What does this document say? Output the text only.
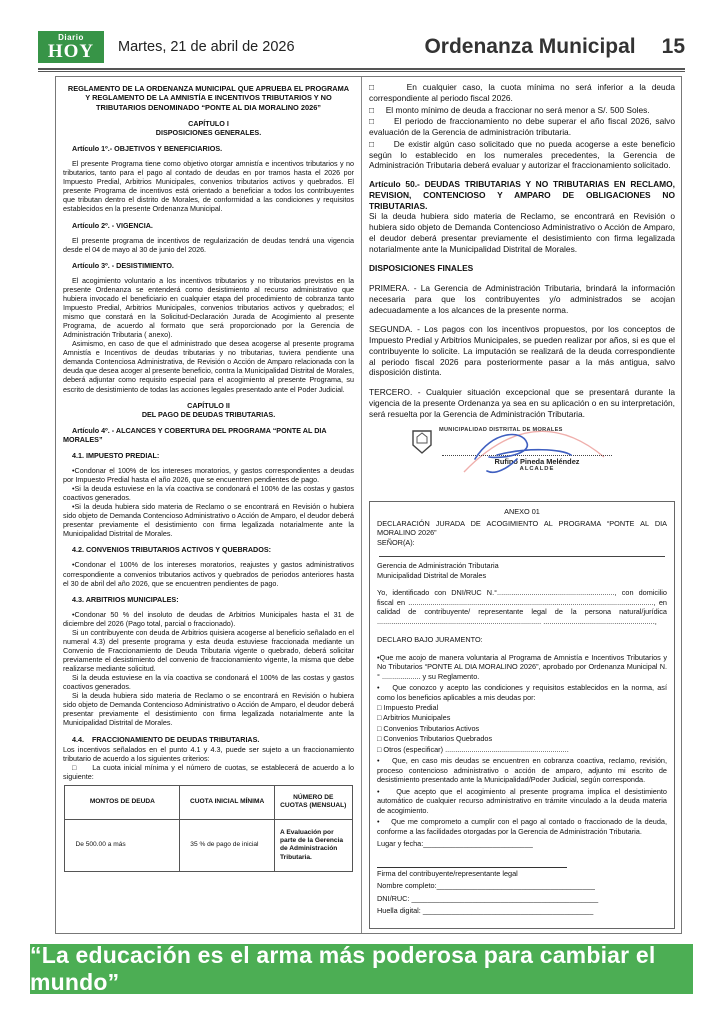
Diario
HOY	Martes, 21 de abril de 2026	Ordenanza Municipal 15
REGLAMENTO DE LA ORDENANZA MUNICIPAL QUE APRUEBA EL PROGRAMA Y REGLAMENTO DE LA AMNISTÍA E INCENTIVOS TRIBUTARIOS Y NO TRIBUTARIOS DENOMINADO “PONTE AL DIA MORALINO 2026”
CAPÍTULO I
DISPOSICIONES GENERALES.
Artículo 1º.- OBJETIVOS Y BENEFICIARIOS.

El presente Programa tiene como objetivo otorgar amnistía e incentivos tributarios y no tributarios, tanto para el pago al contado de deudas en por tramos hasta el 2026 por Impuesto Predial, Arbitrios Municipales, convenios tributarios activos y quebrados. El presente Programa de incentivos está orientado a beneficiar a todos los contribuyentes que tributan dentro el distrito de Morales, de conformidad a las condiciones y requisitos establecidos en la presente Ordenanza Municipal.

Artículo 2º. - VIGENCIA.

El presente programa de incentivos de regularización de deudas tendrá una vigencia desde el 04 de mayo al 30 de junio del 2026.

Artículo 3º. - DESISTIMIENTO.

El acogimiento voluntario a los incentivos tributarios y no tributarios previstos en la presente Ordenanza se entenderá como desistimiento al recurso administrativo que hubiera invocado el beneficiario en cualquier etapa del procedimiento de cobranza tanto Impuesto Predial, Arbitrios Municipales, convenios tributarios activos y quebrados; el mismo que constará en la Solicitud-Declaración Jurada de Acogimiento al presente Programa, de acuerdo al formato que será proporcionado por la Gerencia de Administración Tributaria ( anexo).

Asimismo, en caso de que el administrado que desea acogerse al presente programa Amnistía e Incentivos de deudas tributarias y no tributarias, tuviera pendiente una demanda Contenciosa Administrativa, de Revisión o Acción de Amparo relacionada con la deuda que desea acoger al presente beneficio, contra la Municipalidad Distrital de Morales, deberá adjuntar como requisito especial para el acogimiento al presente Programa, su escrito de desistimiento de todas las acciones legales presentado ante el Poder Judicial.

CAPÍTULO II
DEL PAGO DE DEUDAS TRIBUTARIAS.
Artículo 4º. - ALCANCES Y COBERTURA DEL PROGRAMA “PONTE AL DIA MORALES”
4.1. IMPUESTO PREDIAL:

•Condonar el 100% de los intereses moratorios, y gastos correspondientes a deudas por Impuesto Predial hasta el año 2026, que se encuentren pendientes de pago.

•Si la deuda estuviese en la vía coactiva se condonará el 100% de las costas y gastos coactivos generados.

•Si la deuda hubiera sido materia de Reclamo o se encontrará en Revisión o hubiera sido objeto de Demanda Contencioso Administrativo o Acción de Amparo, el deudor deberá presentar previamente el desistimiento con firma legalizada notarialmente ante la Municipalidad Distrital de Morales.

4.2. CONVENIOS TRIBUTARIOS ACTIVOS Y QUEBRADOS:

•Condonar el 100% de los intereses moratorios, reajustes y gastos administrativos correspondiente a convenios tributarios activos y quebrados de periodos anteriores hasta el 30 de abril del año 2026, que se encuentren pendientes de pago.

4.3. ARBITRIOS MUNICIPALES:

•Condonar 50 % del insoluto de deudas de Arbitrios Municipales hasta el 31 de diciembre del 2026 (Pago total, parcial o fraccionado).

Si un contribuyente con deuda de Arbitrios quisiera acogerse al beneficio señalado en el numeral 4.3) del presente programa y esta deuda estuviese fraccionada mediante un Convenio de Fraccionamiento de Deuda Tributaria vigente o quebrado, deberá solicitar previamente el desistimiento del convenio de fraccionamiento vigente, la misma que debe realizarse mediante solicitud.

Si la deuda estuviese en la vía coactiva se condonará el 100% de las costas y gastos coactivos generados.

Si la deuda hubiera sido materia de Reclamo o se encontrará en Revisión o hubiera sido objeto de Demanda Contencioso Administrativo o Acción de Amparo, el deudor deberá presentar previamente el desistimiento con firma legalizada notarialmente ante la Municipalidad Distrital de Morales.

4.4.    FRACCIONAMIENTO DE DEUDAS TRIBUTARIAS.

Los incentivos señalados en el punto 4.1 y 4.3, puede ser sujeto a un fraccionamiento tributario de acuerdo a los siguientes criterios:

□     La cuota inicial mínima y el número de cuotas, se establecerá de acuerdo a lo siguiente:

MONTOS DE DEUDA	CUOTA INICIAL MÍNIMA	NÚMERO DE CUOTAS (MENSUAL)
De 500.00 a más	35 % de pago de inicial	A Evaluación por parte de la Gerencia de Administración Tributaria.

□     En cualquier caso, la cuota mínima no será inferior a la deuda correspondiente al periodo fiscal 2026.

□     El monto mínimo de deuda a fraccionar no será menor a S/. 500 Soles.

□     El periodo de fraccionamiento no debe superar el año fiscal 2026, salvo evaluación de la Gerencia de administración tributaria.

□     De existir algún caso solicitado que no pueda acogerse a este beneficio según lo establecido en los numerales precedentes, la Gerencia de Administración Tributaria deberá evaluar y autorizar el fraccionamiento solicitado.

Artículo 50.- DEUDAS TRIBUTARIAS Y NO TRIBUTARIAS EN RECLAMO, REVISION, CONTENCIOSO Y AMPARO DE OBLIGACIONES NO TRIBUTARIAS.

Si la deuda hubiera sido materia de Reclamo, se encontrará en Revisión o hubiera sido objeto de Demanda Contencioso Administrativo o Acción de Amparo, el deudor deberá presentar previamente el desistimiento con firma legalizada notarialmente ante la Municipalidad Distrital de Morales.

DISPOSICIONES FINALES

PRIMERA. - La Gerencia de Administración Tributaria, brindará la información necesaria para que los contribuyentes y/o administrados se acojan adecuadamente a los alcances de la presente norma.

SEGUNDA. - Los pagos con los incentivos propuestos, por los conceptos de Impuesto Predial y Arbitrios Municipales, se pueden realizar por años, si es que el contribuyente lo solicite. La imputación se realizará de la deuda correspondiente al periodo fiscal 2026 para posteriormente pasar a la más antigua, salvo disposición distinta.

TERCERO. - Cualquier situación excepcional que se presentará durante la vigencia de la presente Ordenanza ya sea en su aplicación o en su interpretación, será resuelta por la Gerencia de Administración Tributaria.

MUNICIPALIDAD DISTRITAL DE MORALES
Rufino Pineda Meléndez
ALCALDE
ANEXO 01
DECLARACIÓN JURADA DE ACOGIMIENTO AL PROGRAMA “PONTE AL DIA MORALINO 2026”
SEÑOR(A):
Gerencia de Administración Tributaria
Municipalidad Distrital de Morales

Yo, identificado con DNI/RUC N.°.........................................................., con domicilio fiscal en ........................................................................................................................., en calidad de contribuyente/ representante legal de la persona natural/jurídica ................................................................................. .......................................................,

DECLARO BAJO JURAMENTO:

•Que me acojo de manera voluntaria al Programa de Amnistía e Incentivos Tributarios y No Tributarios “PONTE AL DIA MORALINO 2026”, aprobado por Ordenanza Municipal N.° ................... y su Reglamento.

•    Que conozco y acepto las condiciones y requisitos establecidos en la norma, así como los beneficios aplicables a mis deudas por:

□ Impuesto Predial
□ Arbitrios Municipales
□ Convenios Tributarios Activos
□ Convenios Tributarios Quebrados
□ Otros (especificar) .............................................................

•    Que, en caso mis deudas se encuentren en cobranza coactiva, reclamo, revisión, proceso contencioso administrativo o acción de amparo, adjunto mi escrito de desistimiento presentado ante la Municipalidad/Poder Judicial, según corresponda.

•    Que acepto que el acogimiento al presente programa implica el desistimiento automático de cualquier recurso administrativo en trámite vinculado a la deuda materia de acogimiento.

•    Que me comprometo a cumplir con el pago al contado o fraccionado de la deuda, conforme a las facilidades otorgadas por la Gerencia de Administración Tributaria.

Lugar y fecha:___________________________
Firma del contribuyente/representante legal
Nombre completo:_______________________________________
DNI/RUC: ______________________________________________
Huella digital: __________________________________________
“La educación es el arma más poderosa para cambiar el mundo”
